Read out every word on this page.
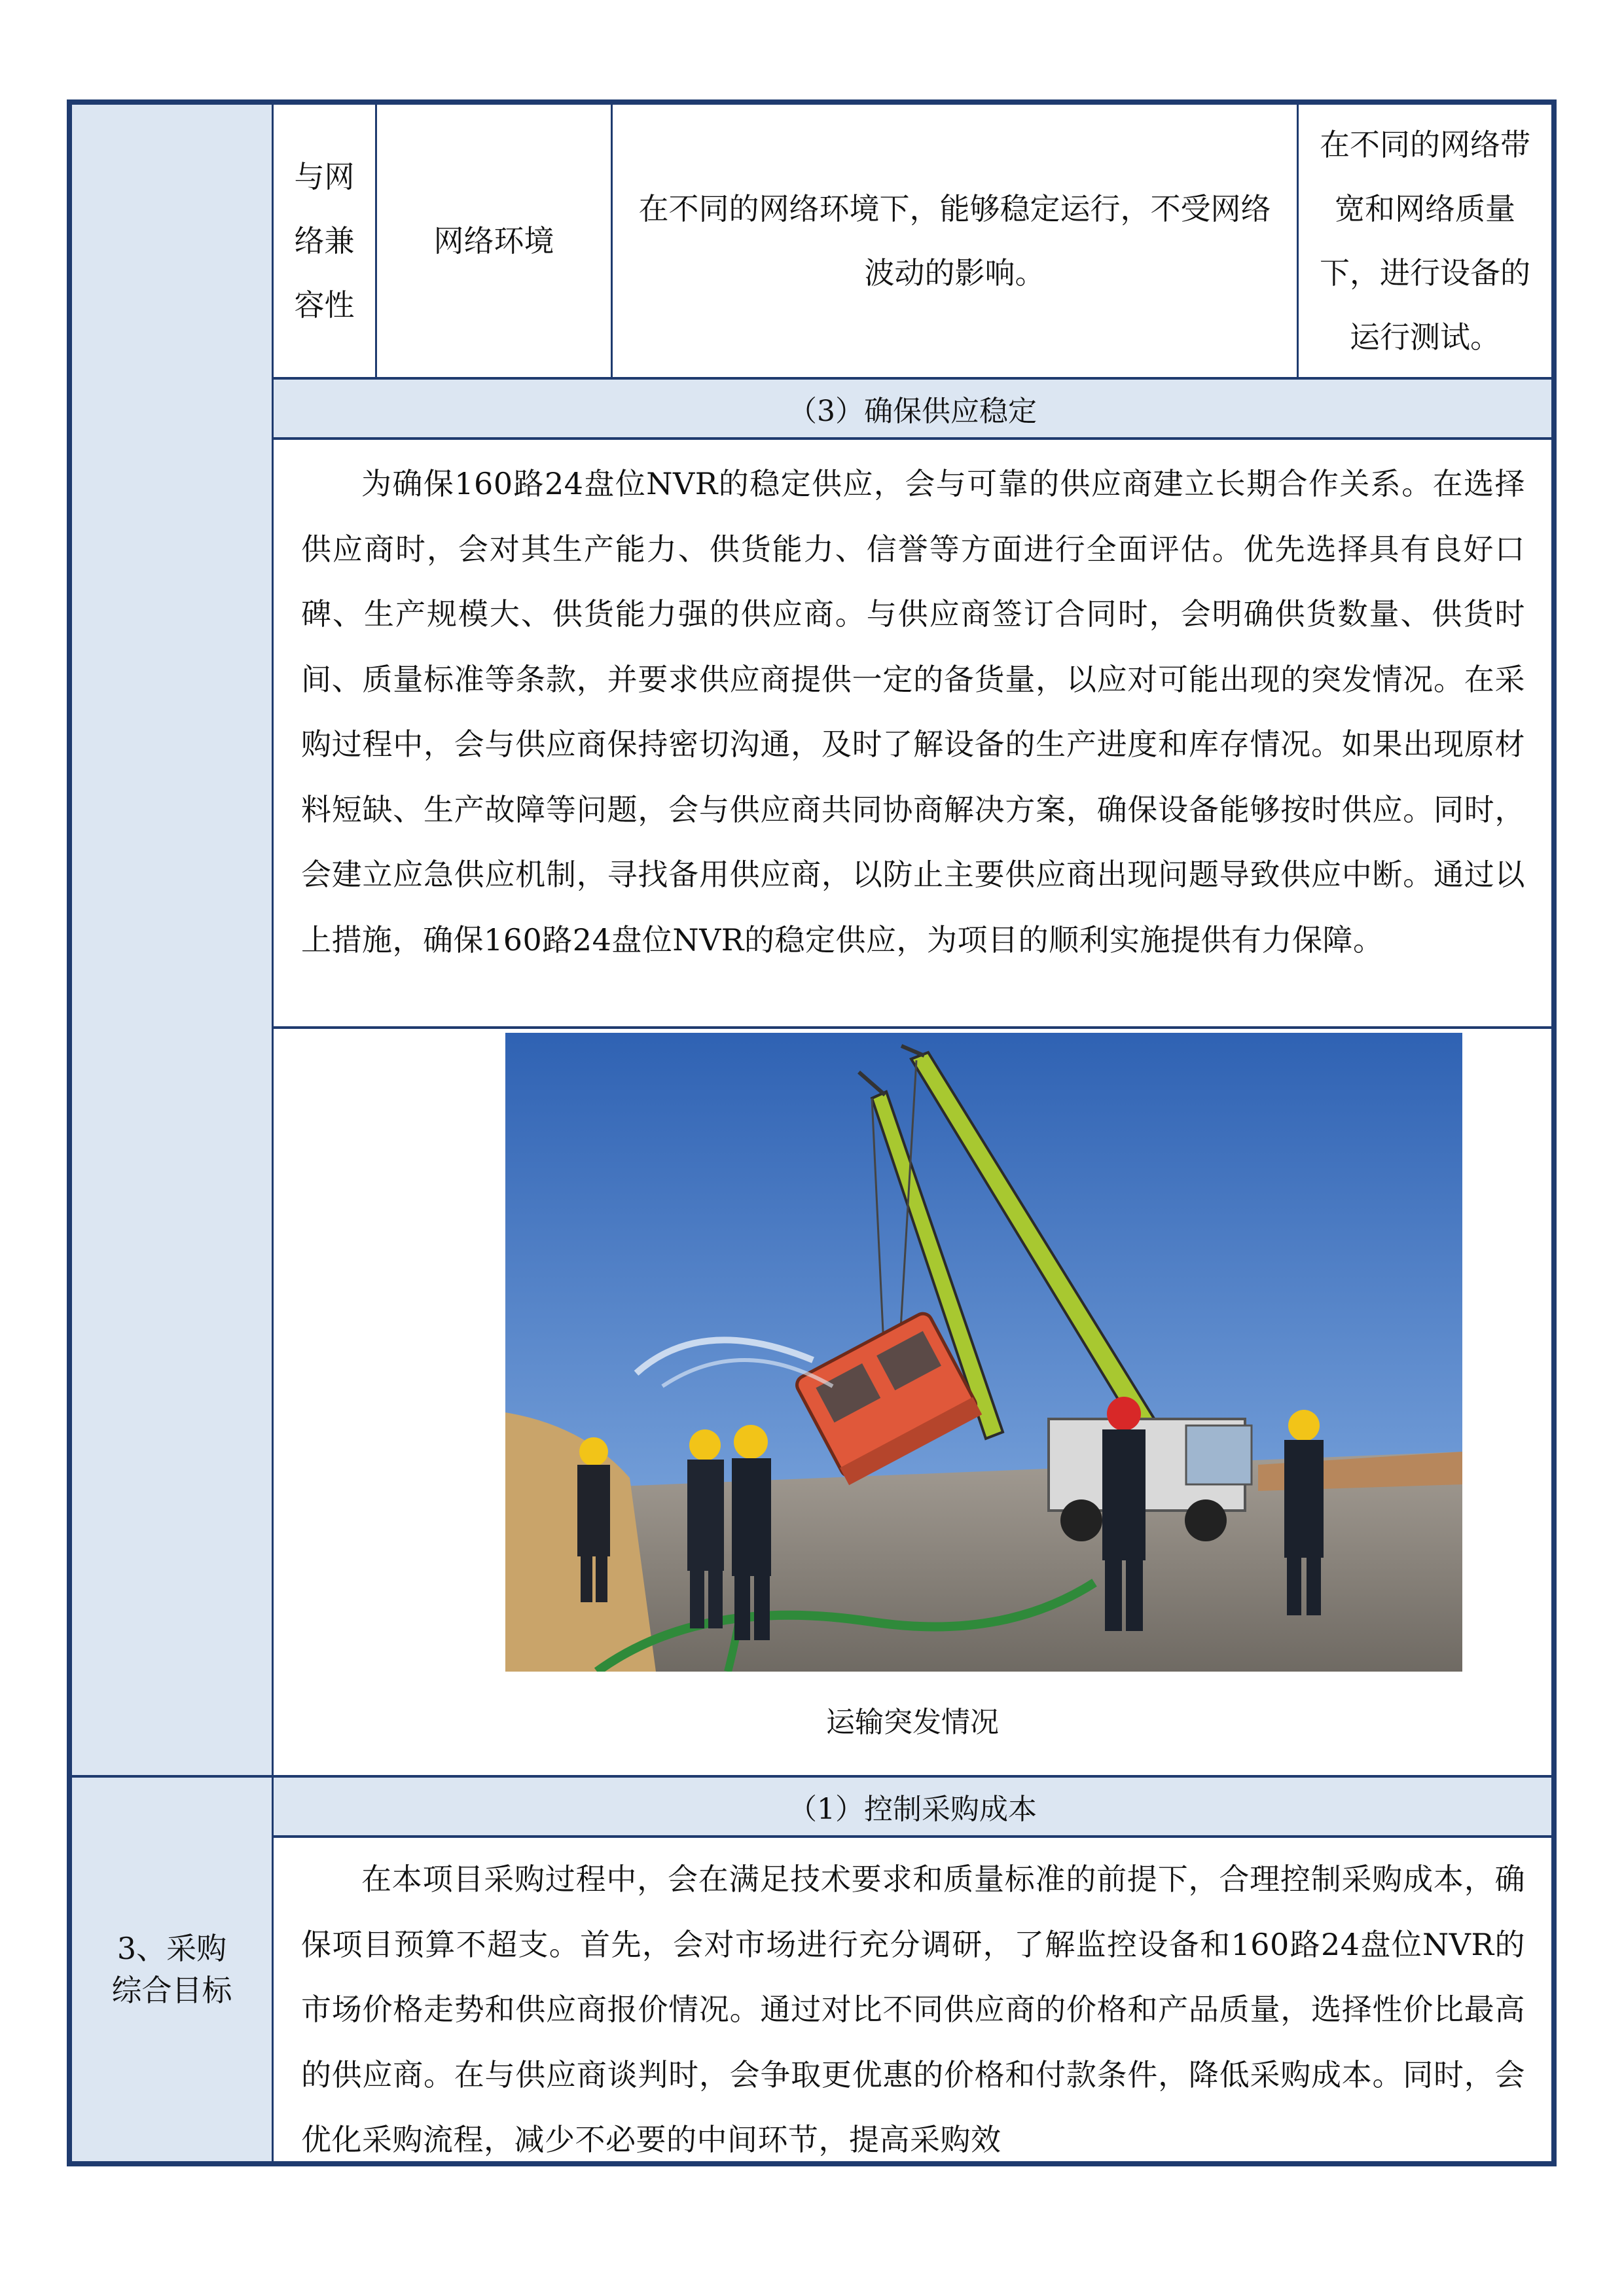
3、采购
综合目标
与网
络兼
容性
网络环境
在不同的网络环境下，能够稳定运行，不受网络波动的影响。
在不同的网络带宽和网络质量下，进行设备的运行测试。
（3）确保供应稳定
为确保160路24盘位NVR的稳定供应，会与可靠的供应商建立长期合作关系。在选择供应商时，会对其生产能力、供货能力、信誉等方面进行全面评估。优先选择具有良好口碑、生产规模大、供货能力强的供应商。与供应商签订合同时，会明确供货数量、供货时间、质量标准等条款，并要求供应商提供一定的备货量，以应对可能出现的突发情况。在采购过程中，会与供应商保持密切沟通，及时了解设备的生产进度和库存情况。如果出现原材料短缺、生产故障等问题，会与供应商共同协商解决方案，确保设备能够按时供应。同时，会建立应急供应机制，寻找备用供应商，以防止主要供应商出现问题导致供应中断。通过以上措施，确保160路24盘位NVR的稳定供应，为项目的顺利实施提供有力保障。
运输突发情况
（1）控制采购成本
在本项目采购过程中，会在满足技术要求和质量标准的前提下，合理控制采购成本，确保项目预算不超支。首先，会对市场进行充分调研，了解监控设备和160路24盘位NVR的市场价格走势和供应商报价情况。通过对比不同供应商的价格和产品质量，选择性价比最高的供应商。在与供应商谈判时，会争取更优惠的价格和付款条件，降低采购成本。同时，会优化采购流程，减少不必要的中间环节，提高采购效
